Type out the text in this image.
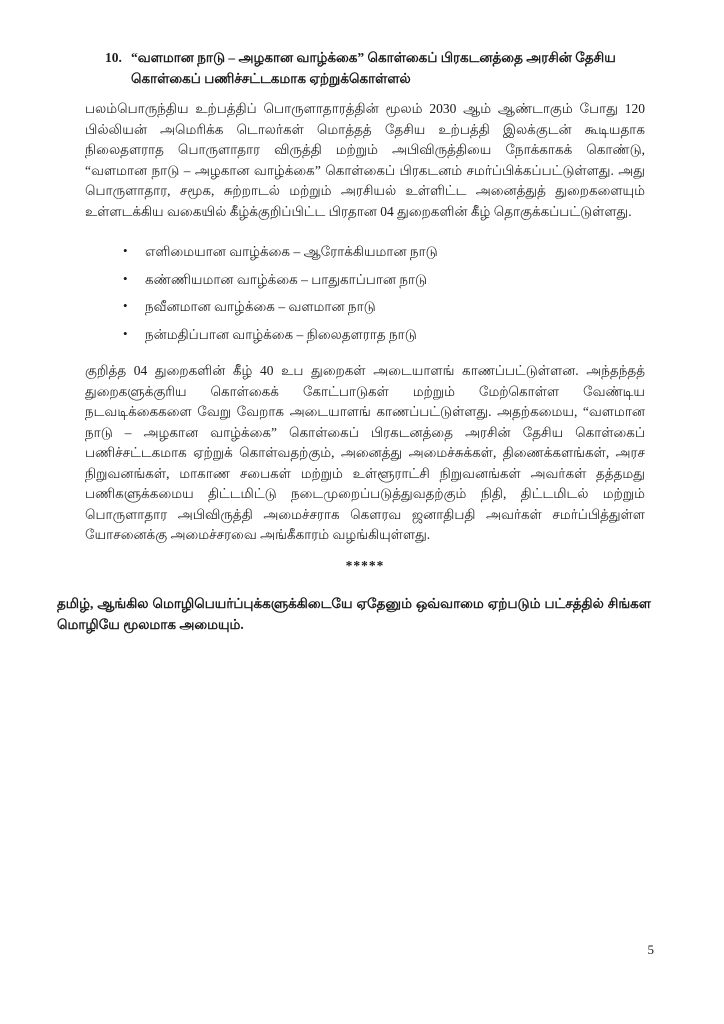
10. “வளமான நாடு – அழகான வாழ்க்கை” கொள்கைப் பிரகடனத்தை அரசின் தேசிய கொள்கைப் பணிச்சட்டகமாக ஏற்றுக்கொள்ளல்

பலம்பொருந்திய உற்பத்திப் பொருளாதாரத்தின் மூலம் 2030 ஆம் ஆண்டாகும் போது 120 பில்லியன் அமெரிக்க டொலர்கள் மொத்தத் தேசிய உற்பத்தி இலக்குடன் கூடியதாக நிலைதளராத பொருளாதார விருத்தி மற்றும் அபிவிருத்தியை நோக்காகக் கொண்டு, “வளமான நாடு – அழகான வாழ்க்கை” கொள்கைப் பிரகடனம் சமர்ப்பிக்கப்பட்டுள்ளது. அது பொருளாதார, சமூக, சுற்றாடல் மற்றும் அரசியல் உள்ளிட்ட அனைத்துத் துறைகளையும் உள்ளடக்கிய வகையில் கீழ்க்குறிப்பிட்ட பிரதான 04 துறைகளின் கீழ் தொகுக்கப்பட்டுள்ளது.

• எளிமையான வாழ்க்கை – ஆரோக்கியமான நாடு
• கண்ணியமான வாழ்க்கை – பாதுகாப்பான நாடு
• நவீனமான வாழ்க்கை – வளமான நாடு
• நன்மதிப்பான வாழ்க்கை – நிலைதளராத நாடு

குறித்த 04 துறைகளின் கீழ் 40 உப துறைகள் அடையாளங் காணப்பட்டுள்ளன. அந்தந்தத் துறைகளுக்குரிய கொள்கைக் கோட்பாடுகள் மற்றும் மேற்கொள்ள வேண்டிய நடவடிக்கைகளை வேறு வேறாக அடையாளங் காணப்பட்டுள்ளது. அதற்கமைய, “வளமான நாடு – அழகான வாழ்க்கை” கொள்கைப் பிரகடனத்தை அரசின் தேசிய கொள்கைப் பணிச்சட்டகமாக ஏற்றுக் கொள்வதற்கும், அனைத்து அமைச்சுக்கள், திணைக்களங்கள், அரச நிறுவனங்கள், மாகாண சபைகள் மற்றும் உள்ளூராட்சி நிறுவனங்கள் அவர்கள் தத்தமது பணிகளுக்கமைய திட்டமிட்டு நடைமுறைப்படுத்துவதற்கும் நிதி, திட்டமிடல் மற்றும் பொருளாதார அபிவிருத்தி அமைச்சராக கௌரவ ஜனாதிபதி அவர்கள் சமர்ப்பித்துள்ள யோசனைக்கு அமைச்சரவை அங்கீகாரம் வழங்கியுள்ளது.

*****

தமிழ், ஆங்கில மொழிபெயர்ப்புக்களுக்கிடையே ஏதேனும் ஒவ்வாமை ஏற்படும் பட்சத்தில் சிங்கள மொழியே மூலமாக அமையும்.

5
